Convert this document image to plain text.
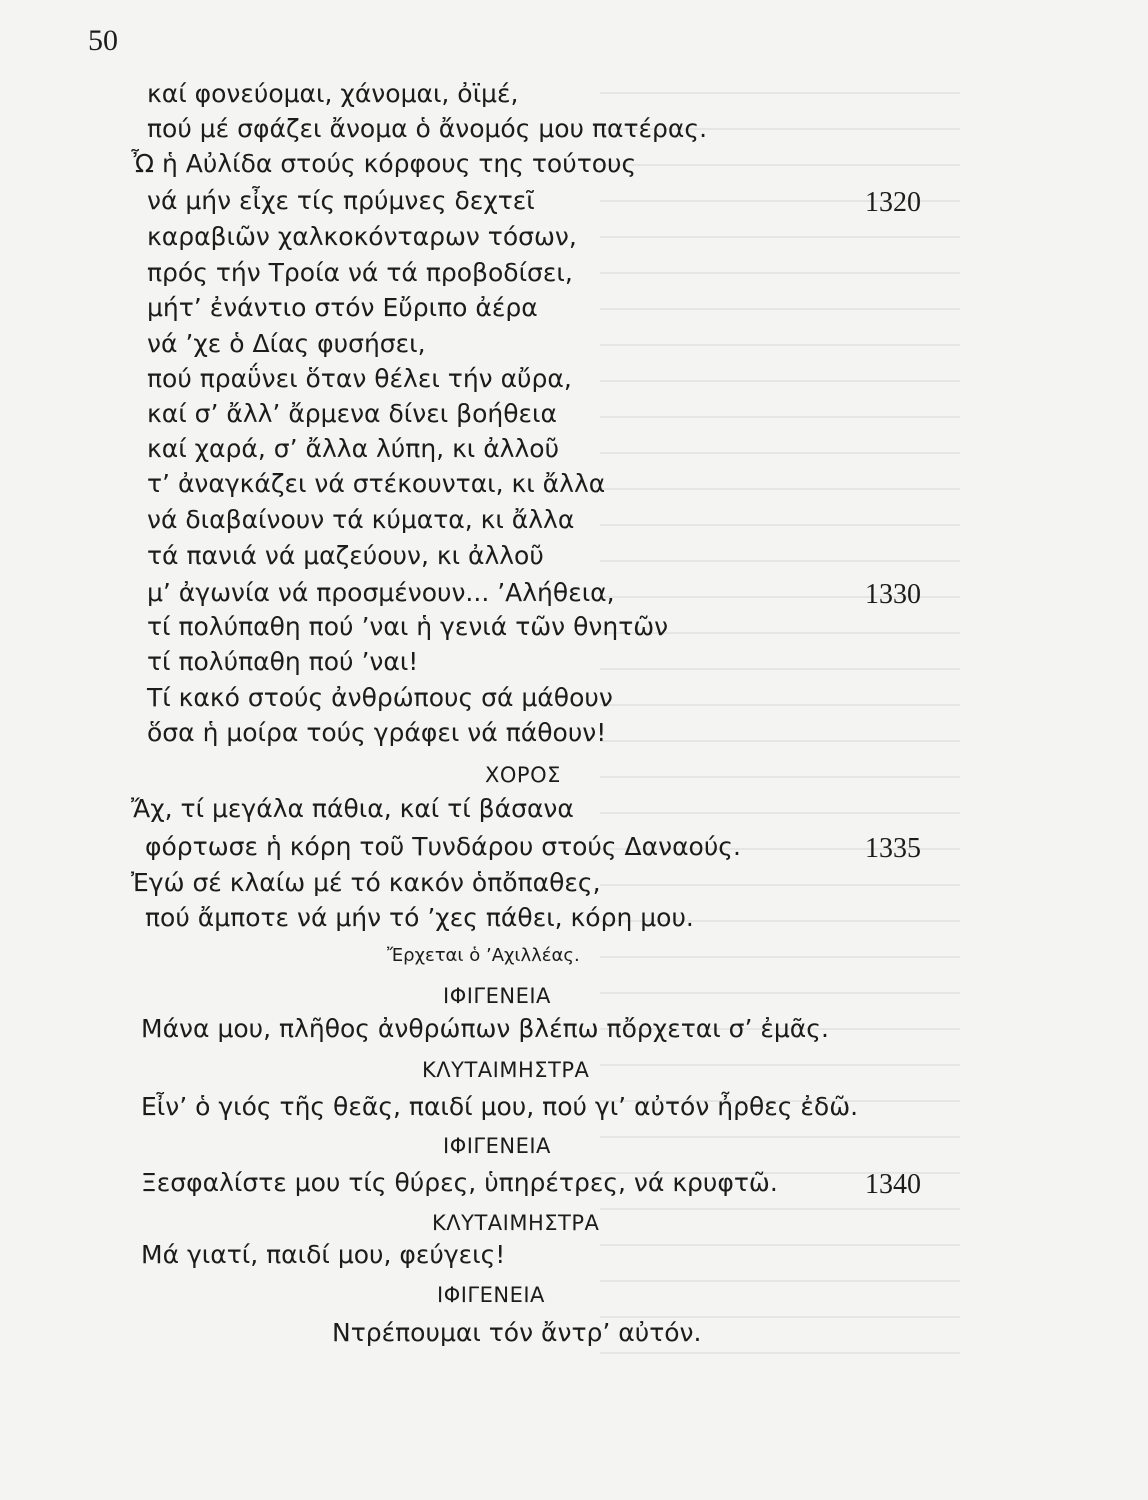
50
καί φονεύομαι, χάνομαι, ὀϊμέ,
πού μέ σφάζει ἄνομα ὁ ἄνομός μου πατέρας.
Ὦ ἡ Αὐλίδα στούς κόρφους της τούτους
νά μήν εἶχε τίς πρύμνες δεχτεῖ	1320
καραβιῶν χαλκοκόνταρων τόσων,
πρός τήν Τροία νά τά προβοδίσει,
μήτ’ ἐνάντιο στόν Εὔριπο ἀέρα
νά ’χε ὁ Δίας φυσήσει,
πού πραΰνει ὅταν θέλει τήν αὔρα,
καί σ’ ἄλλ’ ἄρμενα δίνει βοήθεια
καί χαρά, σ’ ἄλλα λύπη, κι ἀλλοῦ
τ’ ἀναγκάζει νά στέκουνται, κι ἄλλα
νά διαβαίνουν τά κύματα, κι ἄλλα
τά πανιά νά μαζεύουν, κι ἀλλοῦ
μ’ ἀγωνία νά προσμένουν... ’Αλήθεια,	1330
τί πολύπαθη πού ’ναι ἡ γενιά τῶν θνητῶν
τί πολύπαθη πού ’ναι!
Τί κακό στούς ἀνθρώπους σά μάθουν
ὅσα ἡ μοίρα τούς γράφει νά πάθουν!
ΧΟΡΟΣ
Ἄχ, τί μεγάλα πάθια, καί τί βάσανα
φόρτωσε ἡ κόρη τοῦ Τυνδάρου στούς Δαναούς.	1335
Ἐγώ σέ κλαίω μέ τό κακόν ὁπὄπαθες,
πού ἄμποτε νά μήν τό ’χες πάθει, κόρη μου.
Ἔρχεται ὁ ’Αχιλλέας.
ΙΦΙΓΕΝΕΙΑ
Μάνα μου, πλῆθος ἀνθρώπων βλέπω πὄρχεται σ’ ἐμᾶς.
ΚΛΥΤΑΙΜΗΣΤΡΑ
Εἶν’ ὁ γιός τῆς θεᾶς, παιδί μου, πού γι’ αὐτόν ἦρθες ἐδῶ.
ΙΦΙΓΕΝΕΙΑ
Ξεσφαλίστε μου τίς θύρες, ὑπηρέτρες, νά κρυφτῶ.	1340
ΚΛΥΤΑΙΜΗΣΤΡΑ
Μά γιατί, παιδί μου, φεύγεις!
ΙΦΙΓΕΝΕΙΑ
Ντρέπουμαι τόν ἄντρ’ αὐτόν.
